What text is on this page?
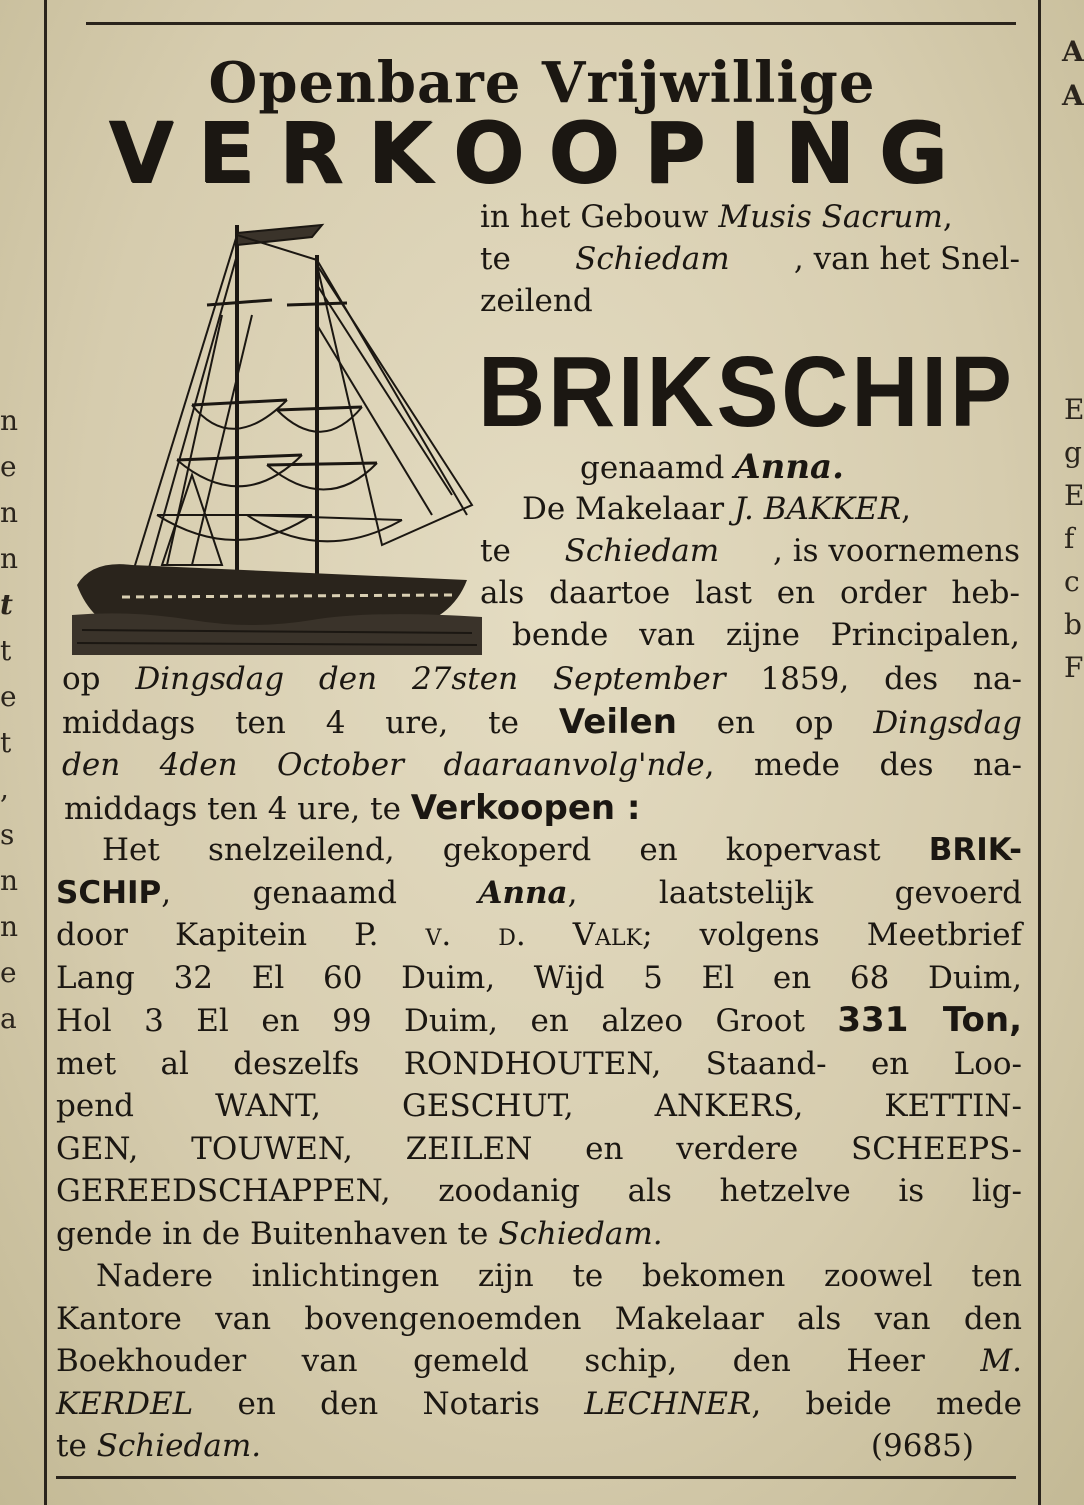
n
e
n
n
t
t
e
t
,
s
n
n
e
a
A
A
E
g
E
f
c
b
F
Openbare Vrijwillige
VERKOOPING
in het Gebouw Musis Sacrum,
te Schiedam , van het Snel-
zeilend
BRIKSCHIP
genaamd Anna.
De Makelaar J. BAKKER,
te Schiedam , is voornemens
als daartoe last en order heb-
bende van zijne Principalen,
op Dingsdag den 27sten September 1859, des na-
middags ten 4 ure, te Veilen en op Dingsdag
den 4den October daaraanvolg'nde, mede des na-
middags ten 4 ure, te Verkoopen :
Het snelzeilend, gekoperd en kopervast BRIK-
SCHIP, genaamd Anna, laatstelijk gevoerd
door Kapitein P. v. d. Valk; volgens Meetbrief
Lang 32 El 60 Duim, Wijd 5 El en 68 Duim,
Hol 3 El en 99 Duim, en alzeo Groot 331 Ton,
met al deszelfs RONDHOUTEN, Staand- en Loo-
pend WANT, GESCHUT, ANKERS, KETTIN-
GEN, TOUWEN, ZEILEN en verdere SCHEEPS-
GEREEDSCHAPPEN, zoodanig als hetzelve is lig-
gende in de Buitenhaven te Schiedam.
Nadere inlichtingen zijn te bekomen zoowel ten
Kantore van bovengenoemden Makelaar als van den
Boekhouder van gemeld schip, den Heer M.
KERDEL en den Notaris LECHNER, beide mede
te Schiedam.	(9685)
